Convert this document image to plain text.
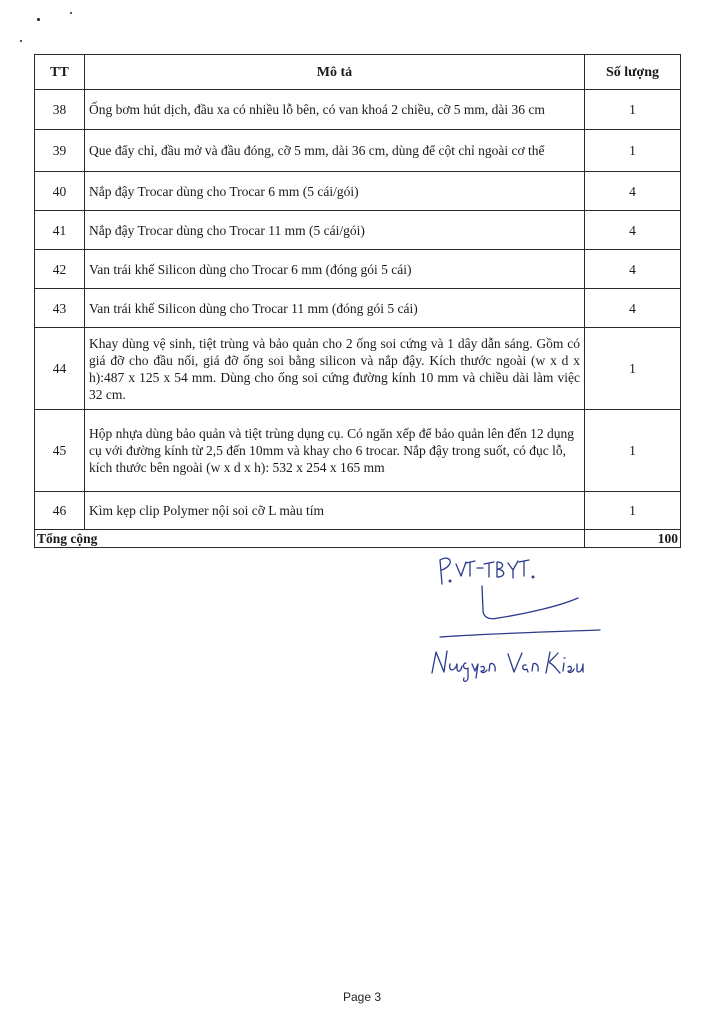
TT	Mô tả	Số lượng
38	Ống bơm hút dịch, đầu xa có nhiều lỗ bên, có van khoá 2 chiều, cỡ 5 mm, dài 36 cm	1
39	Que đẩy chỉ, đầu mở và đầu đóng, cỡ 5 mm, dài 36 cm, dùng để cột chỉ ngoài cơ thể	1
40	Nắp đậy Trocar dùng cho Trocar 6 mm (5 cái/gói)	4
41	Nắp đậy Trocar dùng cho Trocar 11 mm (5 cái/gói)	4
42	Van trái khế Silicon dùng cho Trocar 6 mm (đóng gói 5 cái)	4
43	Van trái khế Silicon dùng cho Trocar 11 mm (đóng gói 5 cái)	4
44	Khay dùng vệ sinh, tiệt trùng và bảo quản cho 2 ống soi cứng và 1 dây dẫn sáng. Gồm có giá đỡ cho đầu nối, giá đỡ ống soi bằng silicon và nắp đậy. Kích thước ngoài (w x d x h):487 x 125 x 54 mm. Dùng cho ống soi cứng đường kính 10 mm và chiều dài làm việc 32 cm.	1
45	Hộp nhựa dùng bảo quản và tiệt trùng dụng cụ. Có ngăn xếp để bảo quản lên đến 12 dụng cụ với đường kính từ 2,5 đến 10mm và khay cho 6 trocar. Nắp đậy trong suốt, có đục lỗ, kích thước bên ngoài (w x d x h): 532 x 254 x 165 mm	1
46	Kìm kẹp clip Polymer nội soi cỡ L màu tím	1
Tổng cộng		100
Page 3
